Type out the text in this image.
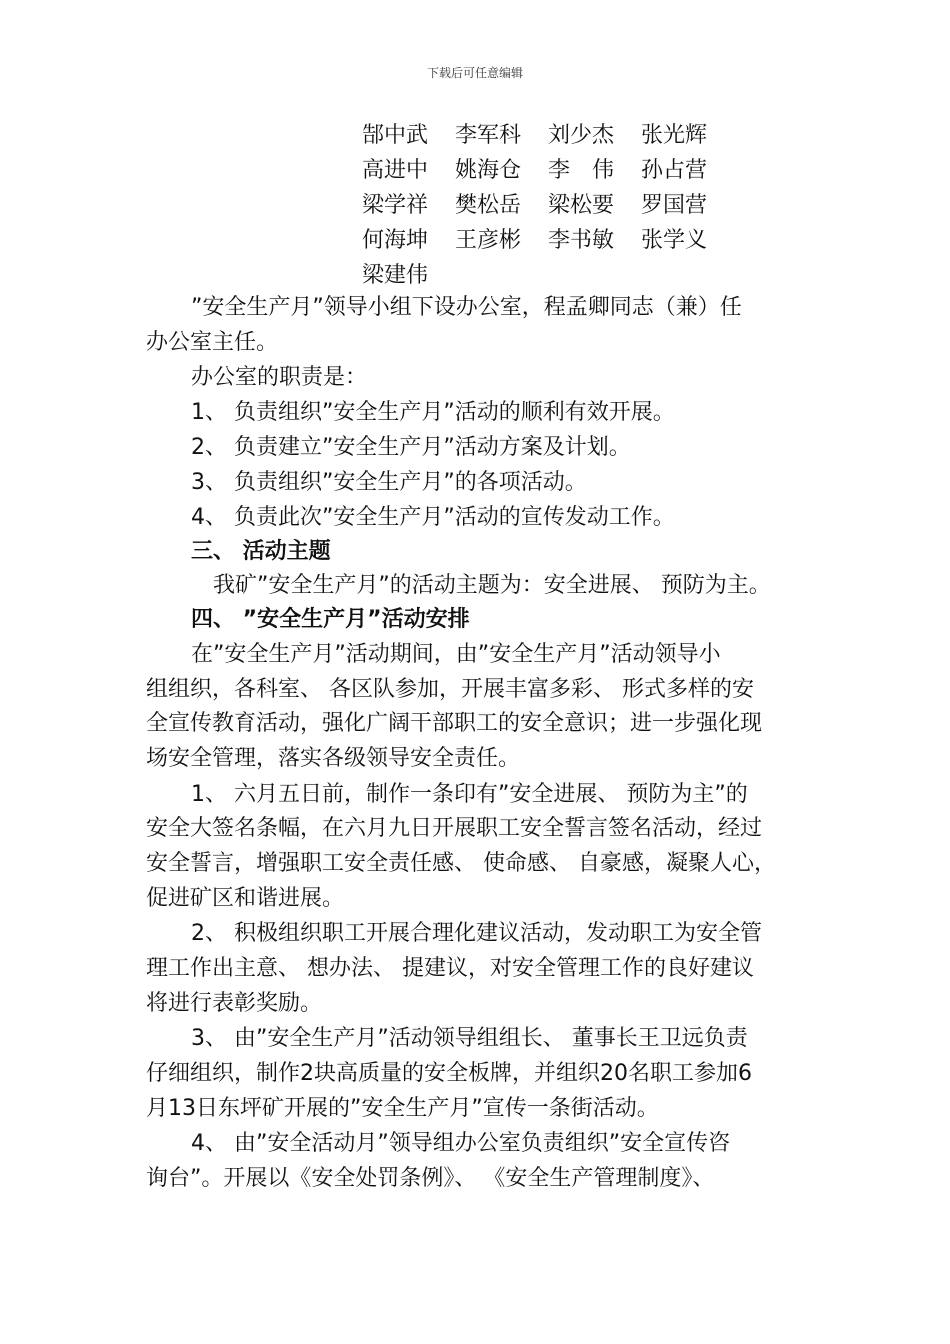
下载后可任意编辑
郜中武	李军科	刘少杰	张光辉
高进中	姚海仓	李　伟	孙占营
梁学祥	樊松岳	梁松要	罗国营
何海坤	王彦彬	李书敏	张学义
梁建伟
”安全生产月”领导小组下设办公室，程孟卿同志（兼）任
办公室主任。
办公室的职责是：
1、 负责组织”安全生产月”活动的顺利有效开展。
2、 负责建立”安全生产月”活动方案及计划。
3、 负责组织”安全生产月”的各项活动。
4、 负责此次”安全生产月”活动的宣传发动工作。
三、 活动主题
我矿”安全生产月”的活动主题为：安全进展、 预防为主。
四、 ”安全生产月”活动安排
在”安全生产月”活动期间，由”安全生产月”活动领导小
组组织，各科室、 各区队参加，开展丰富多彩、 形式多样的安
全宣传教育活动，强化广阔干部职工的安全意识；进一步强化现
场安全管理，落实各级领导安全责任。
1、 六月五日前，制作一条印有”安全进展、 预防为主”的
安全大签名条幅，在六月九日开展职工安全誓言签名活动，经过
安全誓言，增强职工安全责任感、 使命感、 自豪感，凝聚人心，
促进矿区和谐进展。
2、 积极组织职工开展合理化建议活动，发动职工为安全管
理工作出主意、 想办法、 提建议，对安全管理工作的良好建议
将进行表彰奖励。
3、 由”安全生产月”活动领导组组长、 董事长王卫远负责
仔细组织，制作2块高质量的安全板牌，并组织20名职工参加6
月13日东坪矿开展的”安全生产月”宣传一条街活动。
4、 由”安全活动月”领导组办公室负责组织”安全宣传咨
询台”。开展以《安全处罚条例》、 《安全生产管理制度》、
